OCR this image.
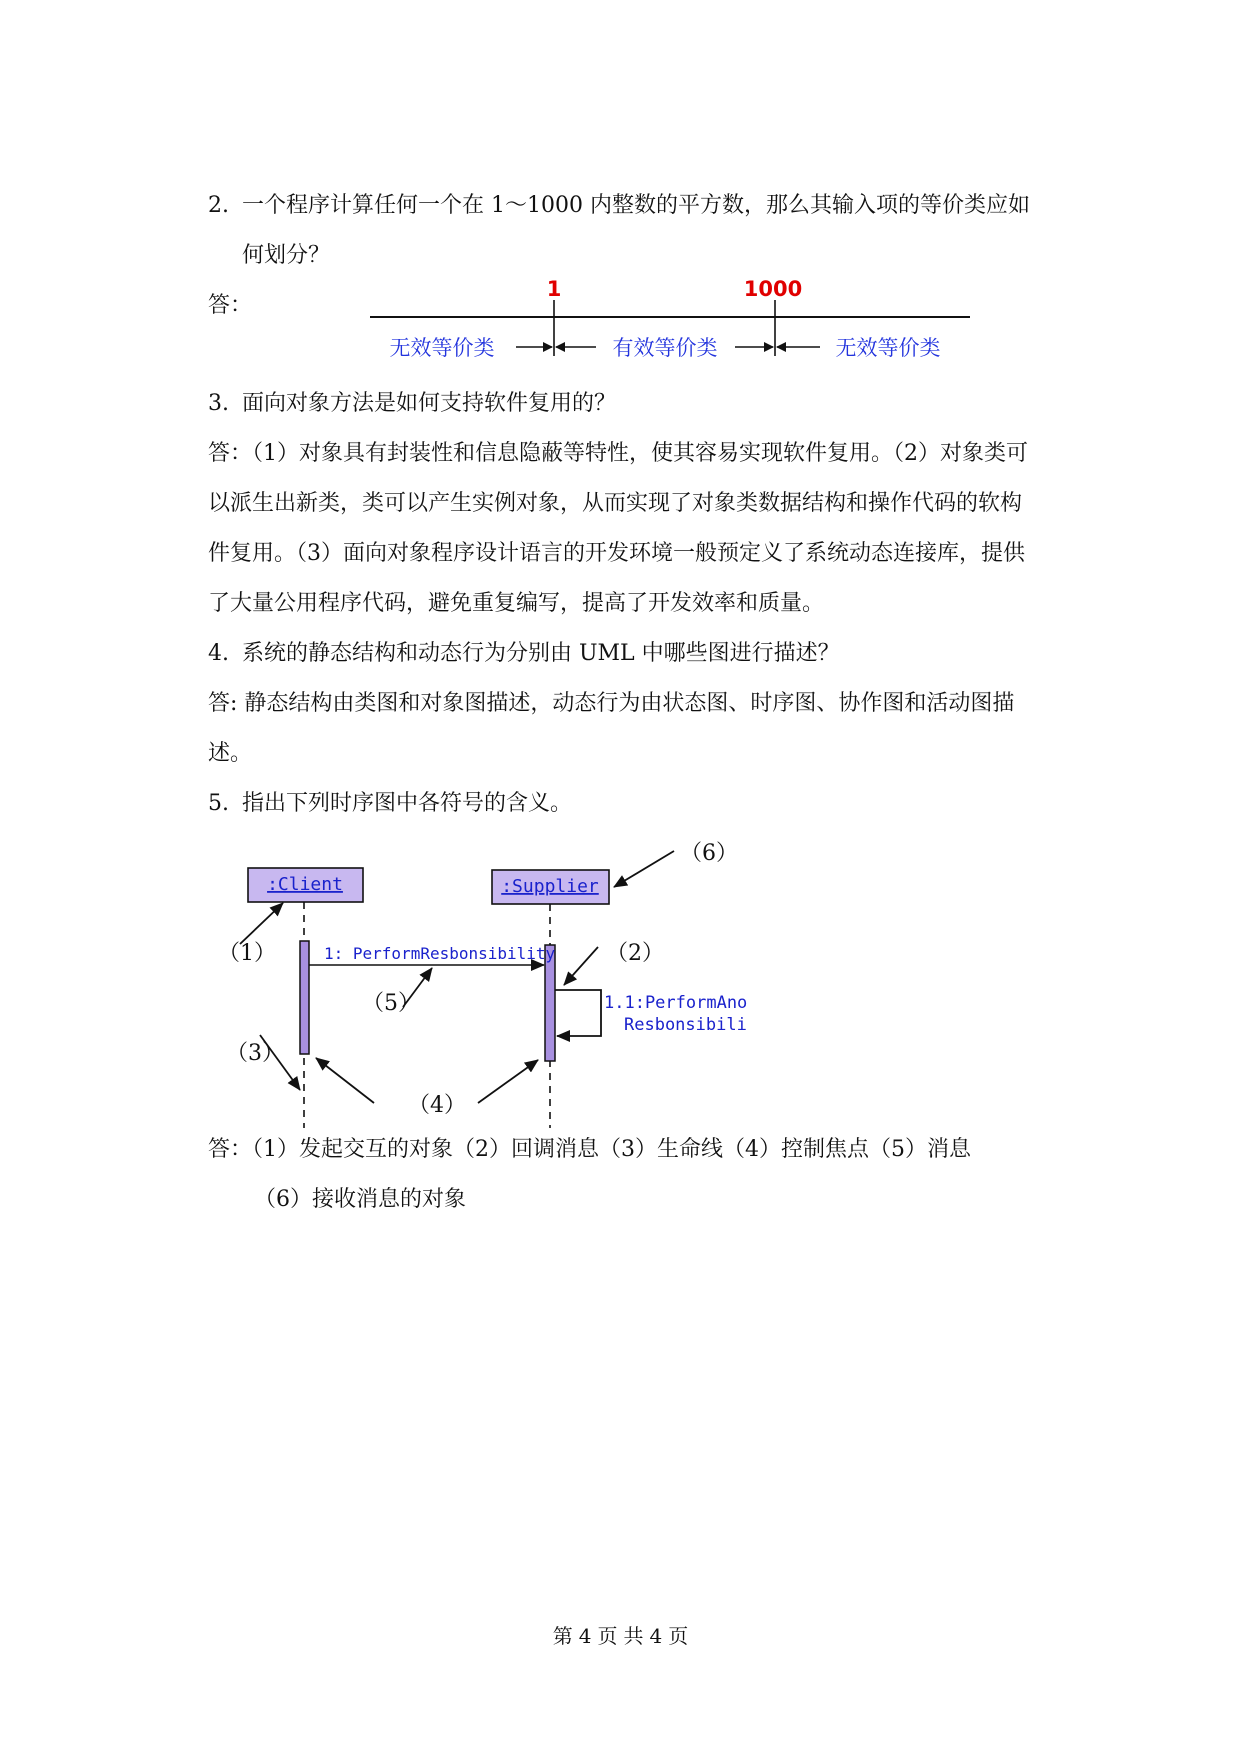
2. 一个程序计算任何一个在 1～1000 内整数的平方数，那么其输入项的等价类应如
何划分？
答：
1	1000
无效等价类	有效等价类	无效等价类
3. 面向对象方法是如何支持软件复用的？
答：（1）对象具有封装性和信息隐蔽等特性，使其容易实现软件复用。（2）对象类可
以派生出新类，类可以产生实例对象，从而实现了对象类数据结构和操作代码的软构
件复用。（3）面向对象程序设计语言的开发环境一般预定义了系统动态连接库，提供
了大量公用程序代码，避免重复编写，提高了开发效率和质量。
4. 系统的静态结构和动态行为分别由 UML 中哪些图进行描述？
答: 静态结构由类图和对象图描述，动态行为由状态图、时序图、协作图和活动图描
述。
5. 指出下列时序图中各符号的含义。
:Client	:Supplier
1: PerformResbonsibility
1.1:PerformAno
Resbonsibili
（6）
（1）	（2）
（5）
（3）
（4）
答：（1）发起交互的对象（2）回调消息（3）生命线（4）控制焦点（5）消息
（6）接收消息的对象
第 4 页 共 4 页
